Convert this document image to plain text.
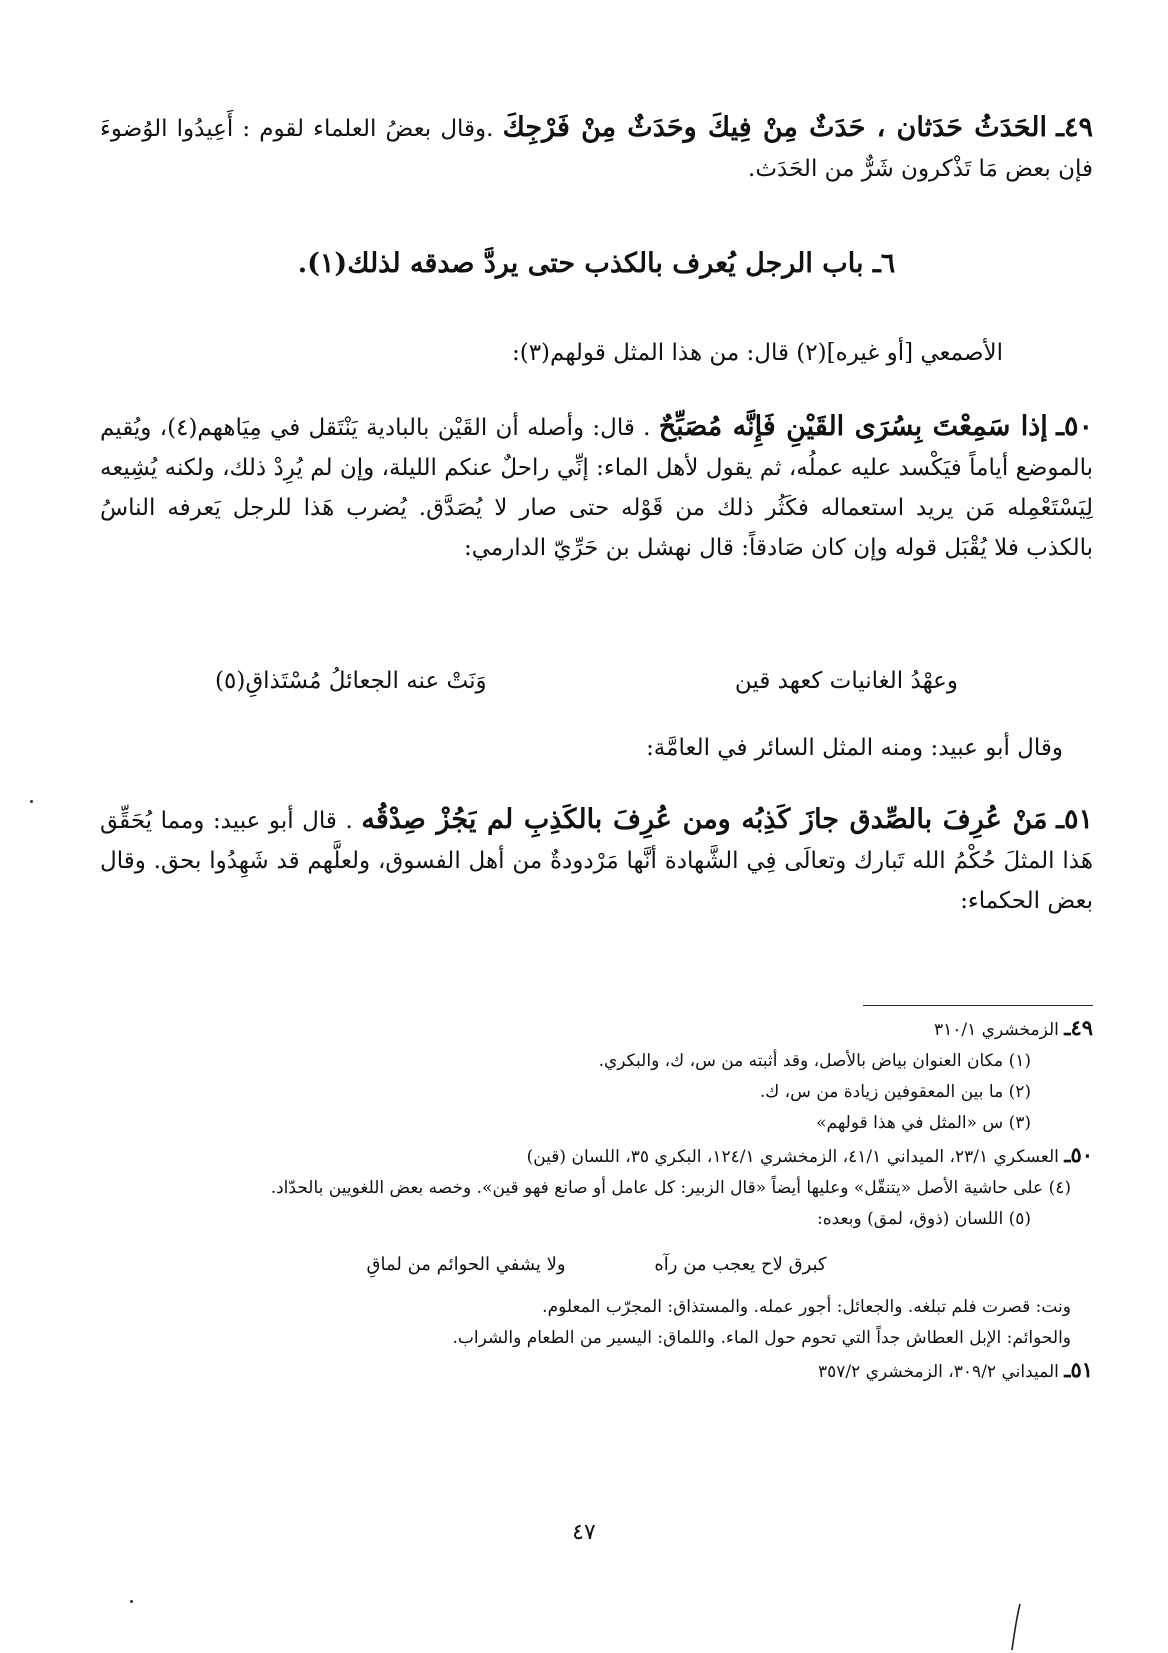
٤٩ـ الحَدَثُ حَدَثان ، حَدَثٌ مِنْ فِيكَ وحَدَثٌ مِنْ فَرْجِكَ .وقال بعضُ العلماء لقوم : أَعِيدُوا الوُضوءَ فإن بعض مَا تَذْكرون شَرٌّ من الحَدَث.
٦ـ باب الرجل يُعرف بالكذب حتى يردَّ صدقه لذلك(١).
الأصمعي [أو غيره](٢) قال: من هذا المثل قولهم(٣):
٥٠ـ إذا سَمِعْتَ بِسُرَى القَيْنِ فَإِنَّه مُصَبِّحٌ . قال: وأصله أن القَيْن بالبادية يَنْتَقل في مِيَاههم(٤)، ويُقيم بالموضع أياماً فيَكْسد عليه عملُه، ثم يقول لأهل الماء: إنِّي راحلٌ عنكم الليلة، وإن لم يُرِدْ ذلك، ولكنه يُشِيعه لِيَسْتَعْمِله مَن يريد استعماله فكَثُر ذلك من قَوْله حتى صار لا يُصَدَّق. يُضرب هَذا للرجل يَعرفه الناسُ بالكذب فلا يُقْبَل قوله وإن كان صَادقاً: قال نهشل بن حَرِّيّ الدارمي:
وعهْدُ الغانيات كعهد قين
وَنَتْ عنه الجعائلُ مُسْتَذاقِ(٥)
وقال أبو عبيد: ومنه المثل السائر في العامَّة:
٥١ـ مَنْ عُرِفَ بالصِّدق جازَ كَذِبُه ومن عُرِفَ بالكَذِبِ لم يَجُزْ صِدْقُه . قال أبو عبيد: ومما يُحَقِّق هَذا المثلَ حُكْمُ الله تَبارك وتعالَى فِي الشَّهادة أنَّها مَرْدودةٌ من أهل الفسوق، ولعلَّهم قد شَهِدُوا بحق. وقال بعض الحكماء:
٤٩ـ الزمخشري ٣١٠/١
(١) مكان العنوان بياض بالأصل، وقد أثبته من س، ك، والبكري.
(٢) ما بين المعقوفين زيادة من س، ك.
(٣) س «المثل في هذا قولهم»
٥٠ـ العسكري ٢٣/١، الميداني ٤١/١، الزمخشري ١٢٤/١، البكري ٣٥، اللسان (قين)
(٤) على حاشية الأصل «يتنقّل» وعليها أيضاً «قال الزبير: كل عامل أو صانع فهو قين». وخصه بعض اللغويين بالحدّاد.
(٥) اللسان (ذوق، لمق) وبعده:
كبرق لاح يعجب من رآه
ولا يشفي الحوائم من لماقِ
ونت: قصرت فلم تبلغه. والجعائل: أجور عمله. والمستذاق: المجرّب المعلوم.
والحوائم: الإبل العطاش جداً التي تحوم حول الماء. واللماق: اليسير من الطعام والشراب.
٥١ـ الميداني ٣٠٩/٢، الزمخشري ٣٥٧/٢
٤٧
